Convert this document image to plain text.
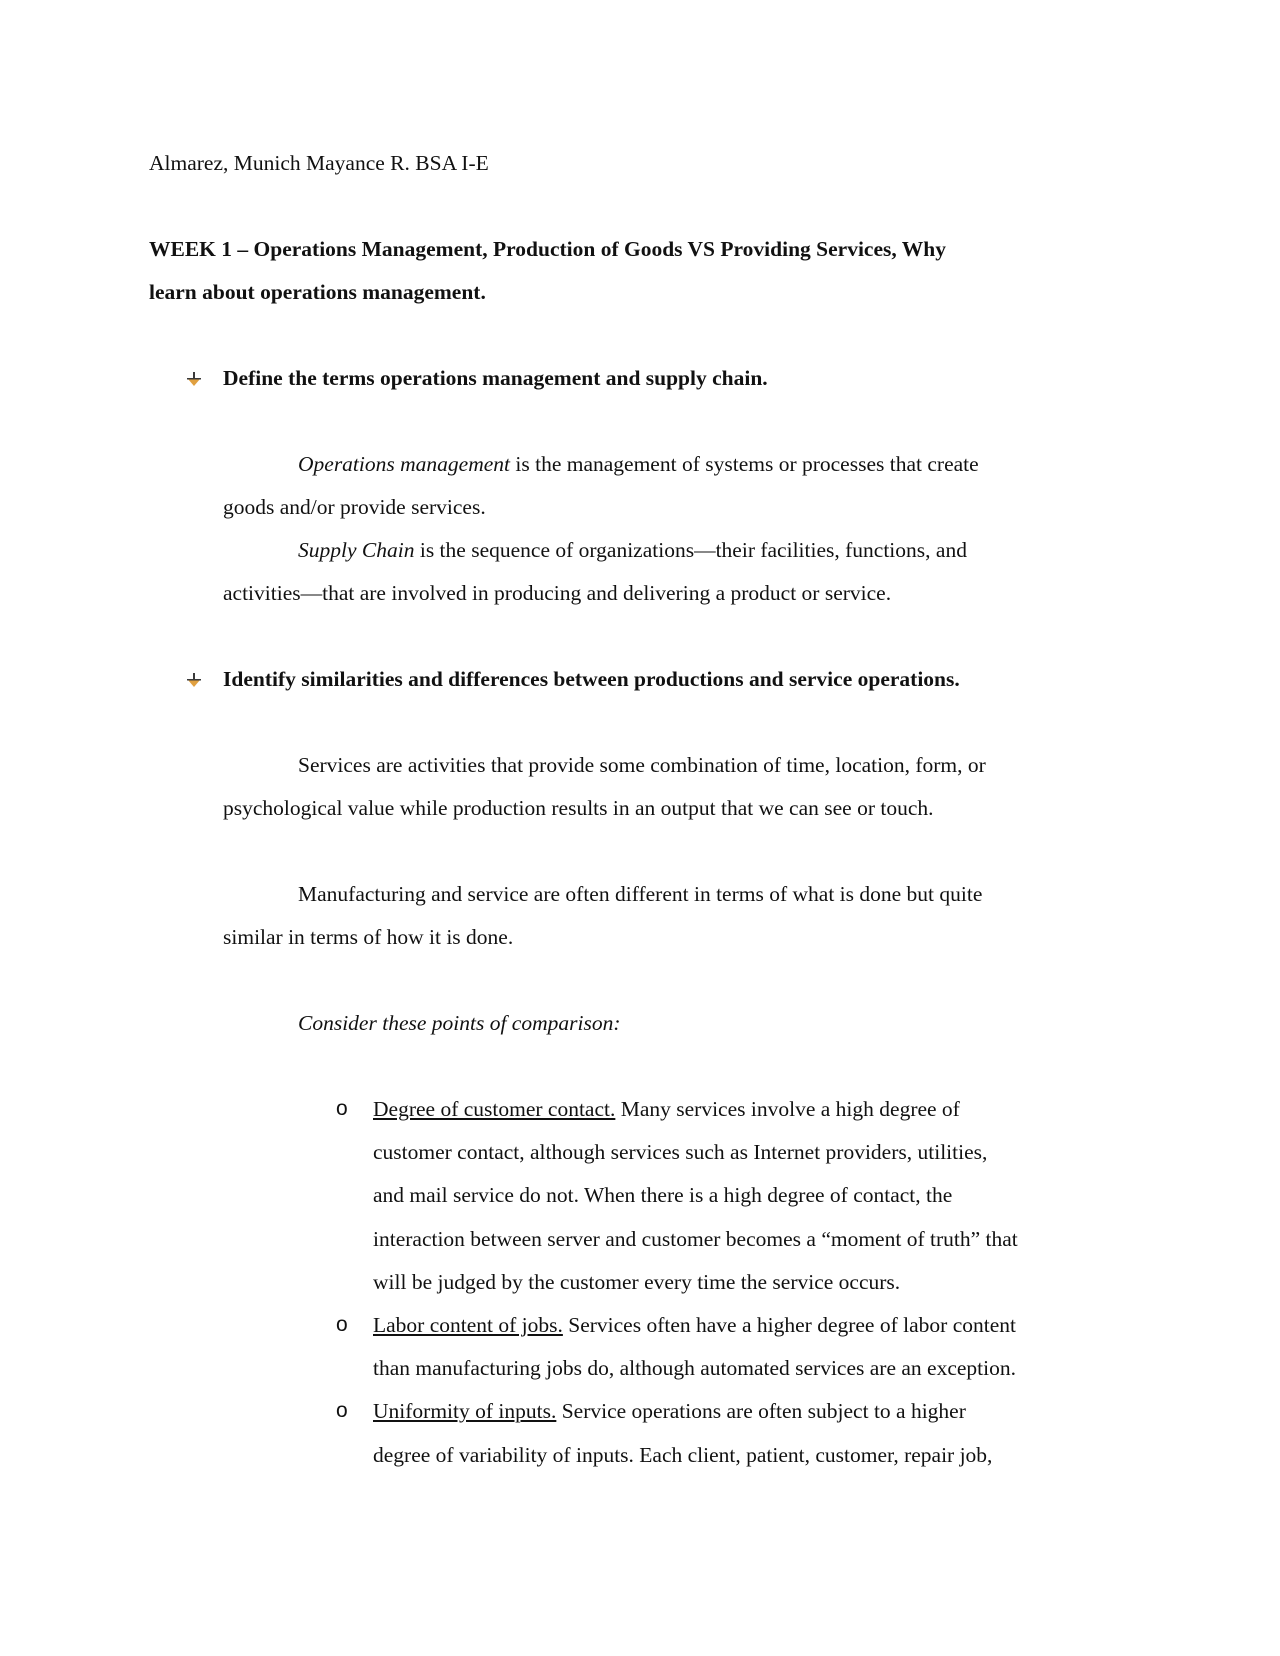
Almarez, Munich Mayance R. BSA I-E
WEEK 1 – Operations Management, Production of Goods VS Providing Services, Why
learn about operations management.
Define the terms operations management and supply chain.
Operations management is the management of systems or processes that create
goods and/or provide services.
Supply Chain is the sequence of organizations—their facilities, functions, and
activities—that are involved in producing and delivering a product or service.
Identify similarities and differences between productions and service operations.
Services are activities that provide some combination of time, location, form, or
psychological value while production results in an output that we can see or touch.
Manufacturing and service are often different in terms of what is done but quite
similar in terms of how it is done.
Consider these points of comparison:
o Degree of customer contact. Many services involve a high degree of
customer contact, although services such as Internet providers, utilities,
and mail service do not. When there is a high degree of contact, the
interaction between server and customer becomes a “moment of truth” that
will be judged by the customer every time the service occurs.
o Labor content of jobs. Services often have a higher degree of labor content
than manufacturing jobs do, although automated services are an exception.
o Uniformity of inputs. Service operations are often subject to a higher
degree of variability of inputs. Each client, patient, customer, repair job,
